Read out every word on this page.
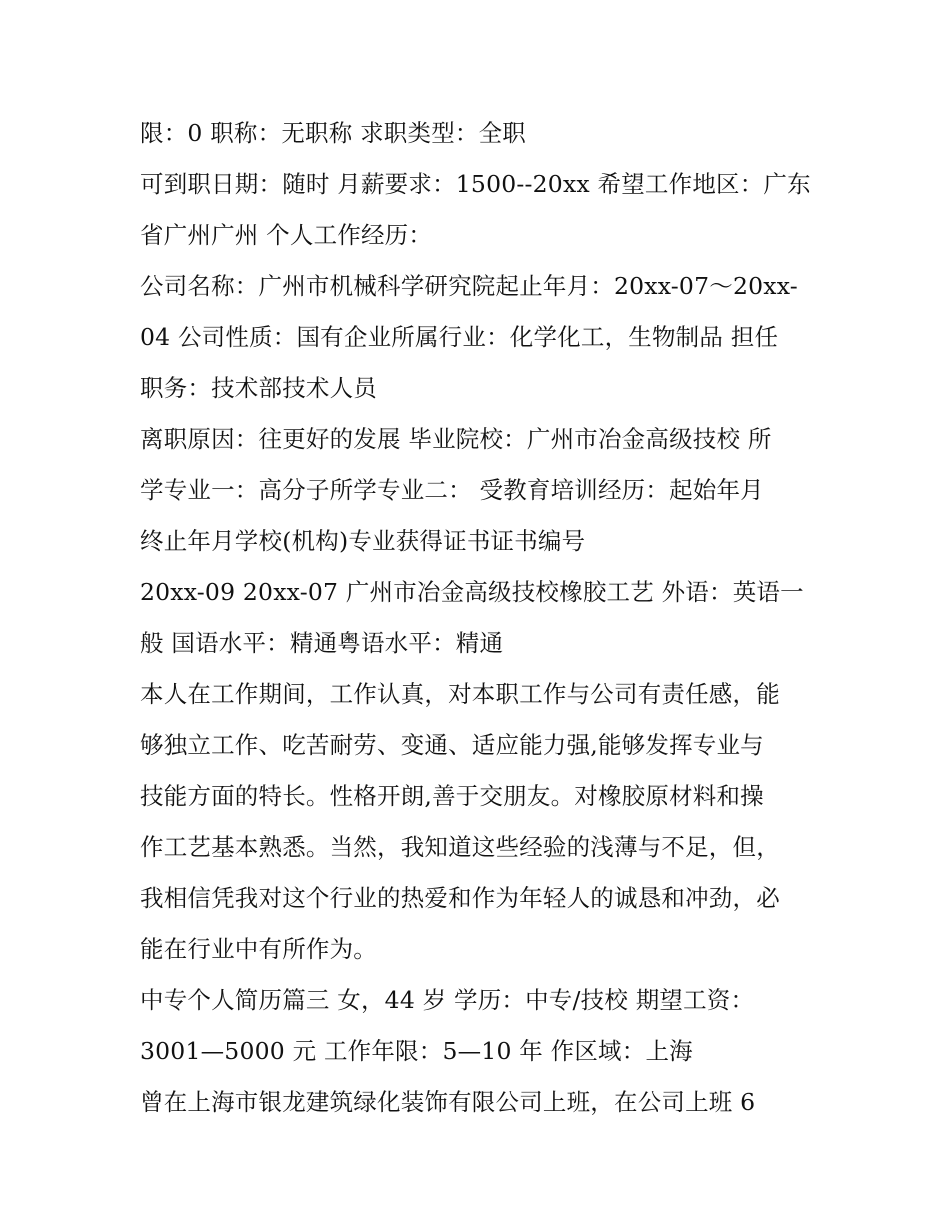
限：0 职称：无职称 求职类型：全职
可到职日期：随时 月薪要求：1500--20xx 希望工作地区：广东
省广州广州 个人工作经历：
公司名称：广州市机械科学研究院起止年月：20xx-07～20xx-
04 公司性质：国有企业所属行业：化学化工，生物制品 担任
职务：技术部技术人员
离职原因：往更好的发展 毕业院校：广州市冶金高级技校 所
学专业一：高分子所学专业二： 受教育培训经历：起始年月
终止年月学校(机构)专业获得证书证书编号
20xx-09 20xx-07 广州市冶金高级技校橡胶工艺 外语：英语一
般 国语水平：精通粤语水平：精通
本人在工作期间，工作认真，对本职工作与公司有责任感，能
够独立工作、吃苦耐劳、变通、适应能力强,能够发挥专业与
技能方面的特长。性格开朗,善于交朋友。对橡胶原材料和操
作工艺基本熟悉。当然，我知道这些经验的浅薄与不足，但，
我相信凭我对这个行业的热爱和作为年轻人的诚恳和冲劲，必
能在行业中有所作为。
中专个人简历篇三 女，44 岁 学历：中专/技校 期望工资：
3001—5000 元 工作年限：5—10 年 作区域：上海
曾在上海市银龙建筑绿化装饰有限公司上班，在公司上班 6
